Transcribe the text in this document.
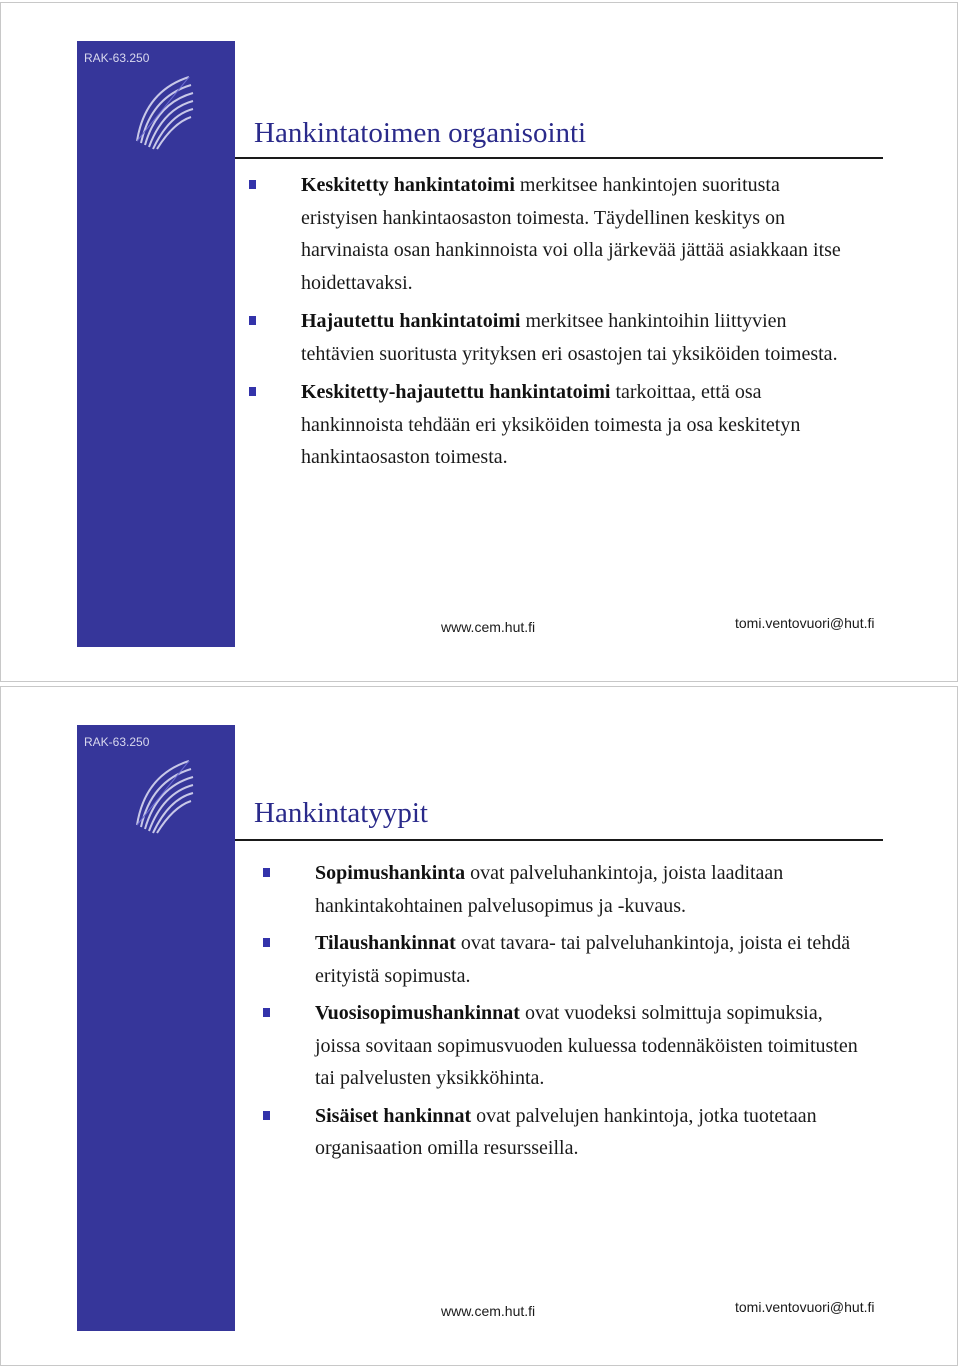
RAK-63.250
Hankintatoimen organisointi
Keskitetty hankintatoimi merkitsee hankintojen suoritusta eristyisen hankintaosaston toimesta. Täydellinen keskitys on harvinaista osan hankinnoista voi olla järkevää jättää asiakkaan itse hoidettavaksi.
Hajautettu hankintatoimi merkitsee hankintoihin liittyvien tehtävien suoritusta yrityksen eri osastojen tai yksiköiden toimesta.
Keskitetty-hajautettu hankintatoimi tarkoittaa, että osa hankinnoista tehdään eri yksiköiden toimesta ja osa keskitetyn hankintaosaston toimesta.
www.cem.hut.fi	tomi.ventovuori@hut.fi
RAK-63.250
Hankintatyypit
Sopimushankinta ovat palveluhankintoja, joista laaditaan hankintakohtainen palvelusopimus ja -kuvaus.
Tilaushankinnat ovat tavara- tai palveluhankintoja, joista ei tehdä erityistä sopimusta.
Vuosisopimushankinnat ovat vuodeksi solmittuja sopimuksia, joissa sovitaan sopimusvuoden kuluessa todennäköisten toimitusten tai palvelusten yksikköhinta.
Sisäiset hankinnat ovat palvelujen hankintoja, jotka tuotetaan organisaation omilla resursseilla.
www.cem.hut.fi	tomi.ventovuori@hut.fi
